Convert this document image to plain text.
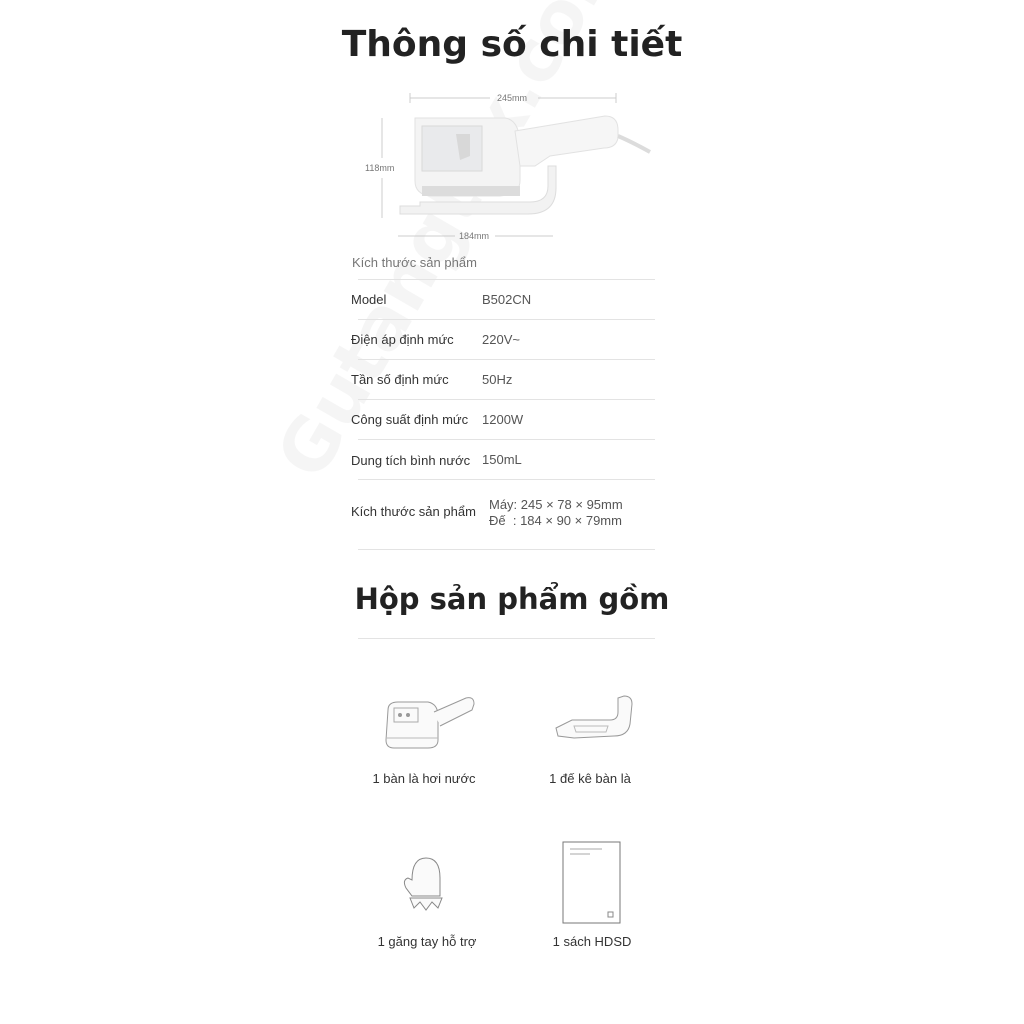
Thông số chi tiết
245mm
118mm
184mm
Kích thước sản phẩm
Model	B502CN
Điện áp định mức 220V~
Tần số định mức	50Hz
Công suất định mức 1200W
Dung tích bình nước 150mL
Kích thước sản phẩm Máy: 245 × 78 × 95mm
Đế  : 184 × 90 × 79mm
Hộp sản phẩm gồm
1 bàn là hơi nước	1 đế kê bàn là
1 găng tay hỗ trợ	1 sách HDSD
